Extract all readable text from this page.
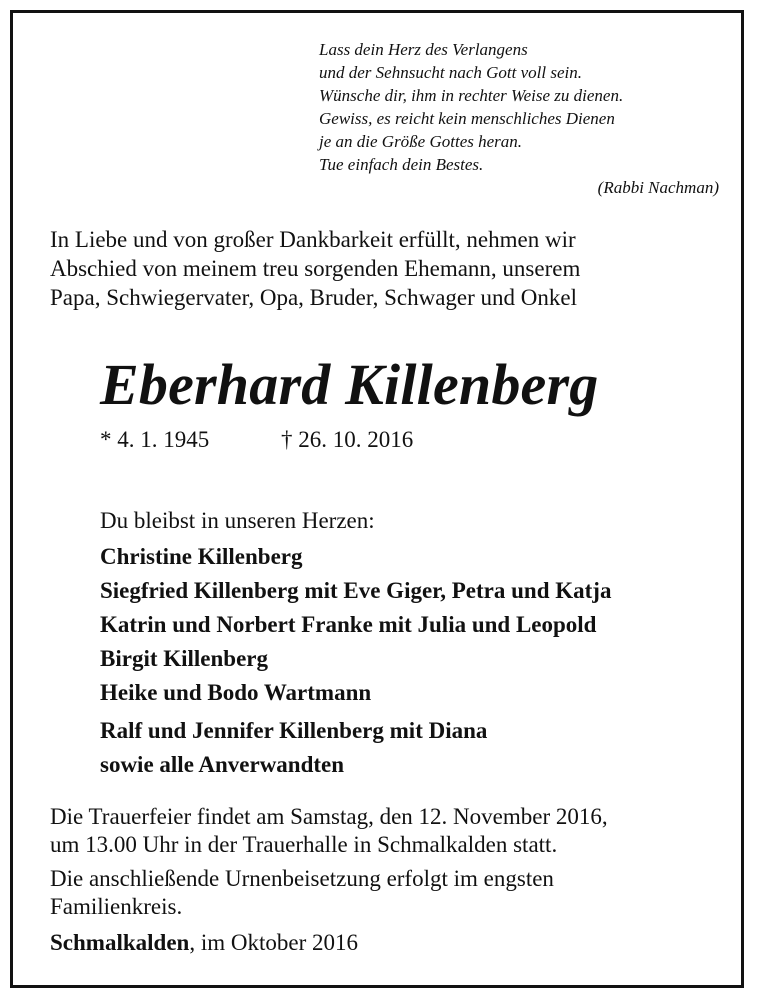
Lass dein Herz des Verlangens
und der Sehnsucht nach Gott voll sein.
Wünsche dir, ihm in rechter Weise zu dienen.
Gewiss, es reicht kein menschliches Dienen
je an die Größe Gottes heran.
Tue einfach dein Bestes.
(Rabbi Nachman)
In Liebe und von großer Dankbarkeit erfüllt, nehmen wir
Abschied von meinem treu sorgenden Ehemann, unserem
Papa, Schwiegervater, Opa, Bruder, Schwager und Onkel
Eberhard Killenberg
* 4. 1. 1945	† 26. 10. 2016
Du bleibst in unseren Herzen:
Christine Killenberg
Siegfried Killenberg mit Eve Giger, Petra und Katja
Katrin und Norbert Franke mit Julia und Leopold
Birgit Killenberg
Heike und Bodo Wartmann
Ralf und Jennifer Killenberg mit Diana
sowie alle Anverwandten
Die Trauerfeier findet am Samstag, den 12. November 2016,
um 13.00 Uhr in der Trauerhalle in Schmalkalden statt.
Die anschließende Urnenbeisetzung erfolgt im engsten
Familienkreis.
Schmalkalden, im Oktober 2016
